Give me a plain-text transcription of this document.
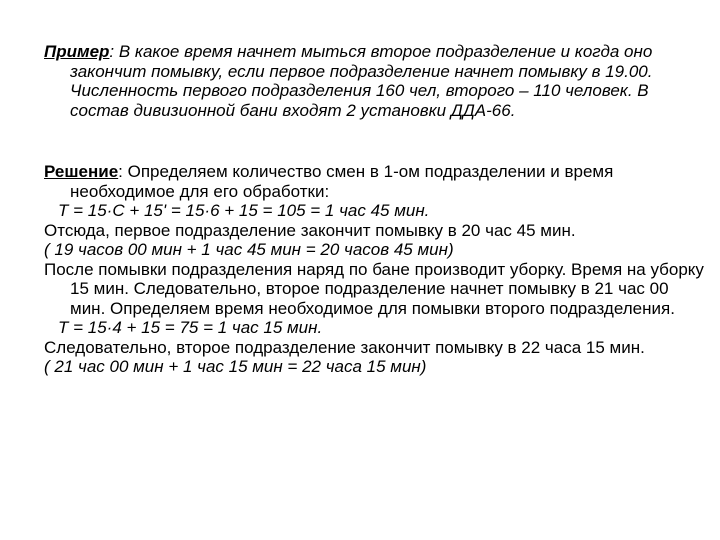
Пример: В какое время начнет мыться второе подразделение и когда оно закончит помывку, если первое подразделение начнет помывку в 19.00. Численность первого подразделения 160 чел, второго – 110 человек. В состав дивизионной бани входят 2 установки ДДА-66.

Решение: Определяем количество смен в 1-ом подразделении и время необходимое для его обработки:

Т = 15·С + 15' = 15·6 + 15 = 105 = 1 час 45 мин.

Отсюда, первое подразделение закончит помывку в 20 час 45 мин.

( 19 часов 00 мин + 1 час 45 мин = 20 часов 45 мин)

После помывки подразделения наряд по бане производит уборку. Время на уборку 15 мин. Следовательно, второе подразделение начнет помывку в 21 час 00 мин. Определяем время необходимое для помывки второго подразделения.

Т = 15·4 + 15 = 75 = 1 час 15 мин.

Следовательно, второе подразделение закончит помывку в 22 часа 15 мин.

( 21 час 00 мин + 1 час 15 мин = 22 часа 15 мин)
